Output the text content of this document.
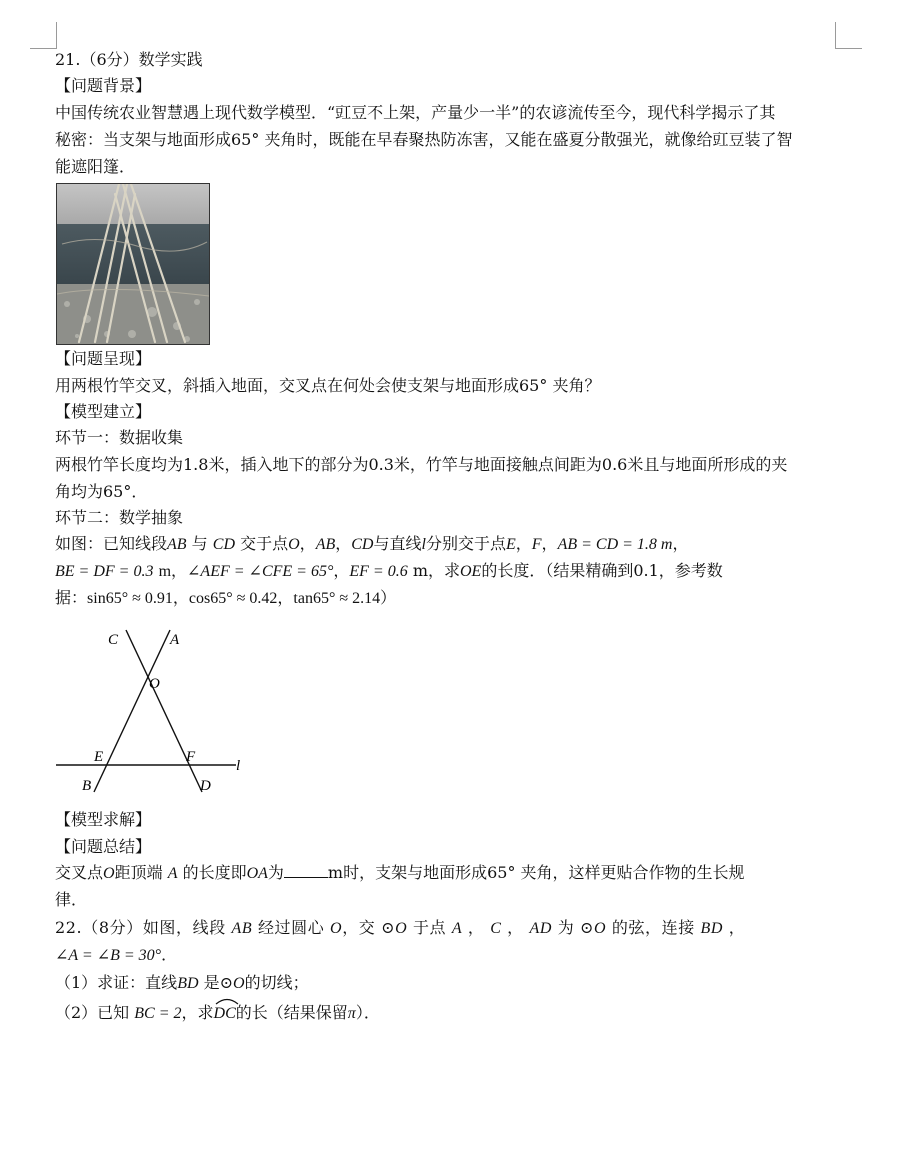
21.（6分）数学实践
【问题背景】
中国传统农业智慧遇上现代数学模型．“豇豆不上架，产量少一半”的农谚流传至今，现代科学揭示了其
秘密：当支架与地面形成65° 夹角时，既能在早春聚热防冻害，又能在盛夏分散强光，就像给豇豆装了智
能遮阳篷．
【问题呈现】
用两根竹竿交叉，斜插入地面，交叉点在何处会使支架与地面形成65° 夹角？
【模型建立】
环节一：数据收集
两根竹竿长度均为1.8米，插入地下的部分为0.3米，竹竿与地面接触点间距为0.6米且与地面所形成的夹
角均为65°．
环节二：数学抽象
如图：已知线段AB 与 CD 交于点O，AB，CD与直线l分别交于点E，F，AB = CD = 1.8 m，
BE = DF = 0.3 m，∠AEF = ∠CFE = 65°，EF = 0.6 m，求OE的长度．（结果精确到0.1，参考数
据：sin65° ≈ 0.91，cos65° ≈ 0.42，tan65° ≈ 2.14）
C	A
O
E	F
l
B	D
【模型求解】
【问题总结】
交叉点O距顶端 A 的长度即OA为	m时，支架与地面形成65° 夹角，这样更贴合作物的生长规
律．
22.（8分）如图，线段 AB 经过圆心 O，交 ⊙O 于点 A ， C ， AD 为 ⊙O 的弦，连接 BD ，
∠A = ∠B = 30°．
（1）求证：直线BD 是⊙O的切线；
（2）已知 BC = 2，求
DC的长（结果保留π）．
